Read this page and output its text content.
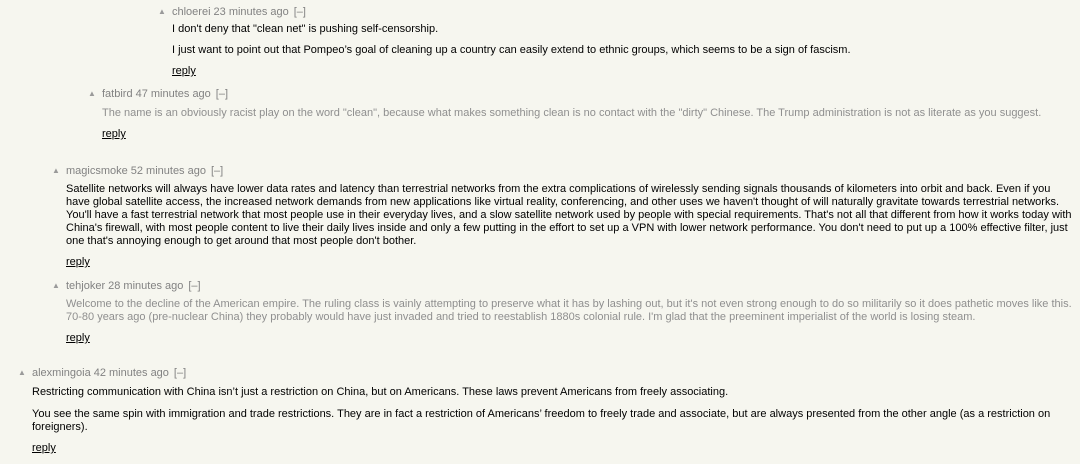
▲ chloerei 23 minutes ago [–]

I don't deny that "clean net" is pushing self-censorship.

I just want to point out that Pompeo’s goal of cleaning up a country can easily extend to ethnic groups, which seems to be a sign of fascism.

reply
▲ fatbird 47 minutes ago [–]

The name is an obviously racist play on the word "clean", because what makes something clean is no contact with the "dirty" Chinese. The Trump administration is not as literate as you suggest.

reply
▲ magicsmoke 52 minutes ago [–]

Satellite networks will always have lower data rates and latency than terrestrial networks from the extra complications of wirelessly sending signals thousands of kilometers into orbit and back. Even if you have global satellite access, the increased network demands from new applications like virtual reality, conferencing, and other uses we haven't thought of will naturally gravitate towards terrestrial networks. You'll have a fast terrestrial network that most people use in their everyday lives, and a slow satellite network used by people with special requirements. That's not all that different from how it works today with China's firewall, with most people content to live their daily lives inside and only a few putting in the effort to set up a VPN with lower network performance. You don't need to put up a 100% effective filter, just one that's annoying enough to get around that most people don't bother.

reply
▲ tehjoker 28 minutes ago [–]

Welcome to the decline of the American empire. The ruling class is vainly attempting to preserve what it has by lashing out, but it's not even strong enough to do so militarily so it does pathetic moves like this. 70-80 years ago (pre-nuclear China) they probably would have just invaded and tried to reestablish 1880s colonial rule. I'm glad that the preeminent imperialist of the world is losing steam.

reply
▲ alexmingoia 42 minutes ago [–]

Restricting communication with China isn’t just a restriction on China, but on Americans. These laws prevent Americans from freely associating.

You see the same spin with immigration and trade restrictions. They are in fact a restriction of Americans’ freedom to freely trade and associate, but are always presented from the other angle (as a restriction on foreigners).

reply
